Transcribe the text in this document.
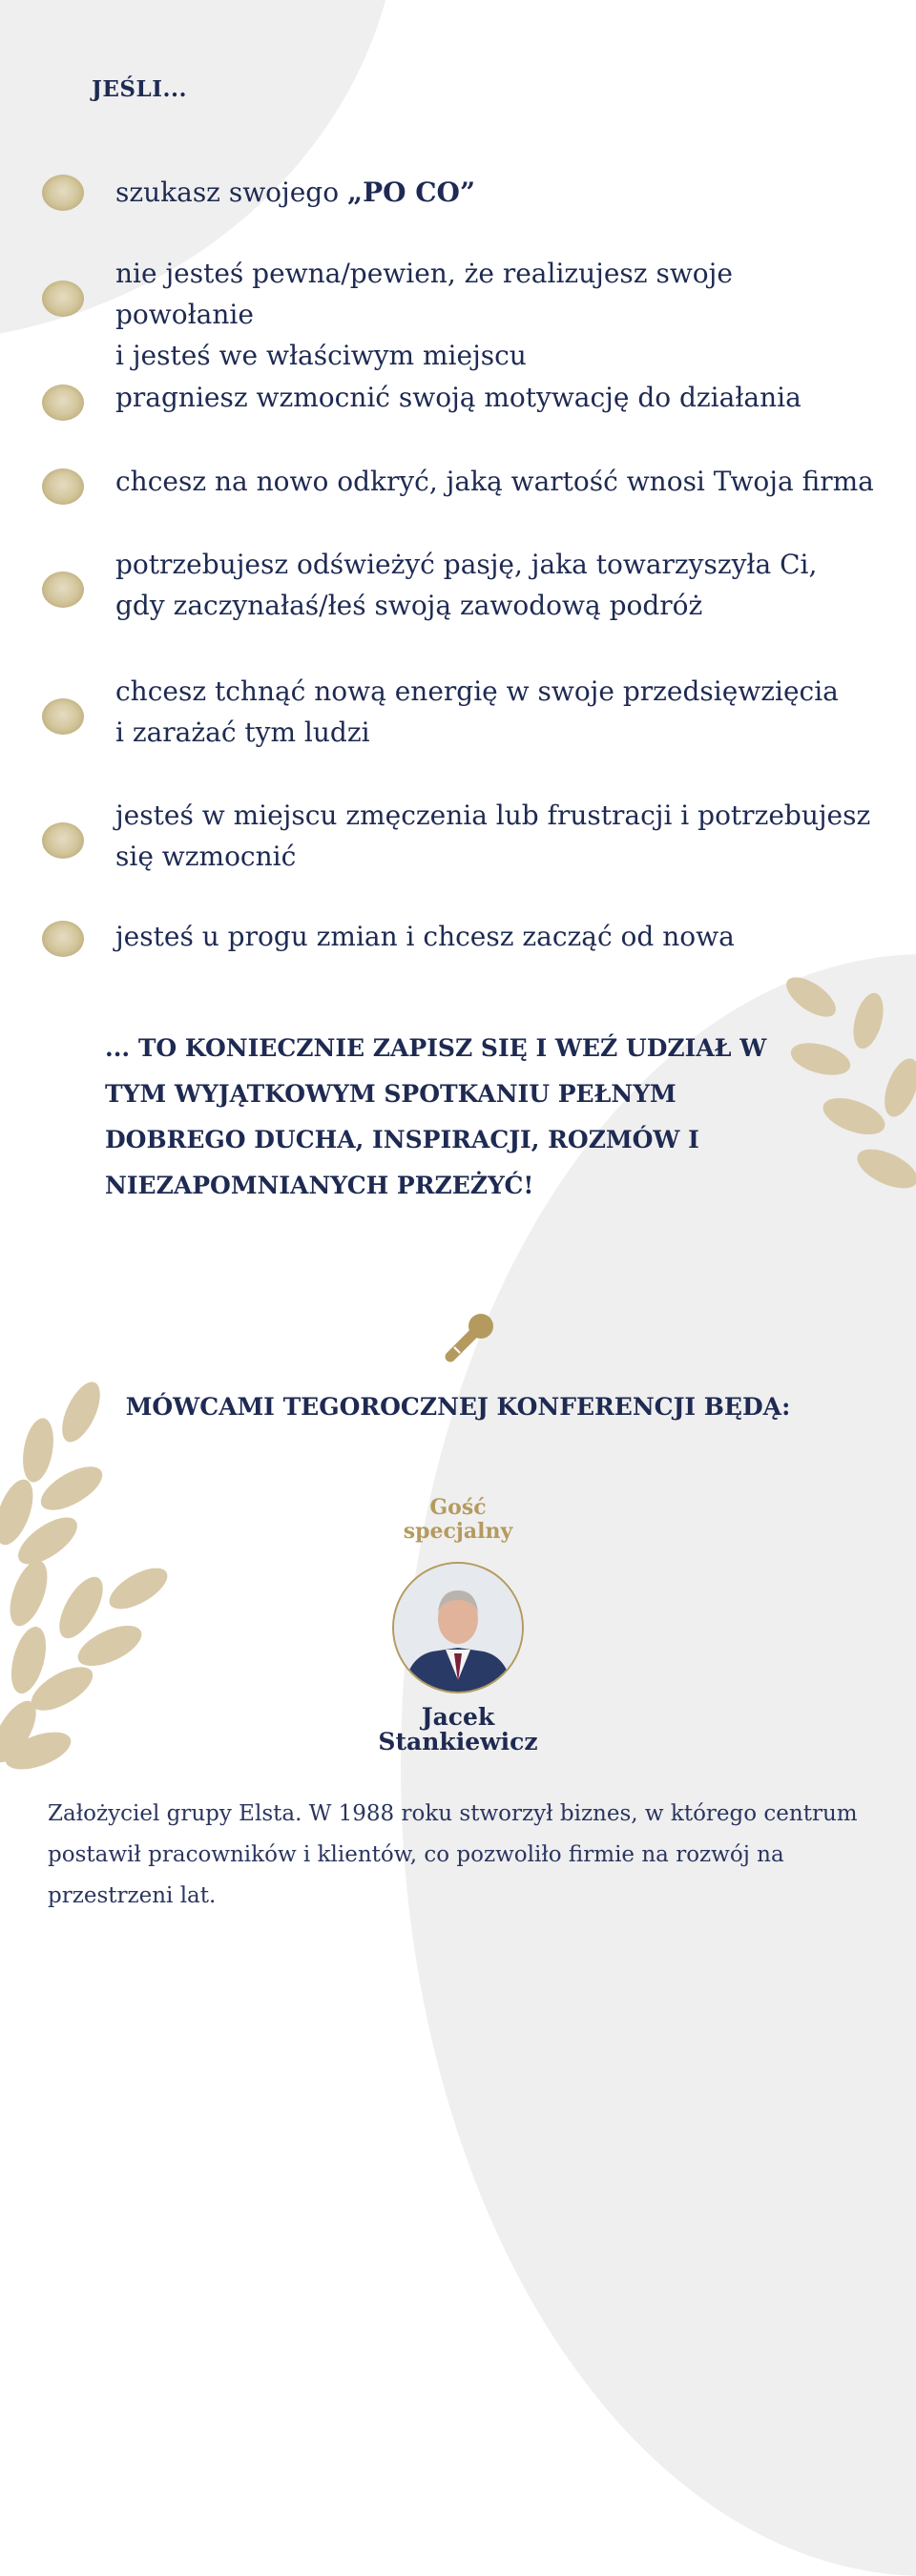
JEŚLI...
szukasz swojego „PO CO”
nie jesteś pewna/pewien, że realizujesz swoje powołanie
i jesteś we właściwym miejscu
pragniesz wzmocnić swoją motywację do działania
chcesz na nowo odkryć, jaką wartość wnosi Twoja firma
potrzebujesz odświeżyć pasję, jaka towarzyszyła Ci,
gdy zaczynałaś/łeś swoją zawodową podróż
chcesz tchnąć nową energię w swoje przedsięwzięcia
i zarażać tym ludzi
jesteś w miejscu zmęczenia lub frustracji i potrzebujesz
się wzmocnić
jesteś u progu zmian i chcesz zacząć od nowa
... TO KONIECZNIE ZAPISZ SIĘ I WEŹ UDZIAŁ W TYM WYJĄTKOWYM SPOTKANIU PEŁNYM DOBREGO DUCHA, INSPIRACJI, ROZMÓW I NIEZAPOMNIANYCH PRZEŻYĆ!
MÓWCAMI TEGOROCZNEJ KONFERENCJI BĘDĄ:
Gość
specjalny
Jacek
Stankiewicz
Założyciel grupy Elsta. W 1988 roku stworzył biznes, w którego centrum postawił pracowników i klientów, co pozwoliło firmie na rozwój na przestrzeni lat.
